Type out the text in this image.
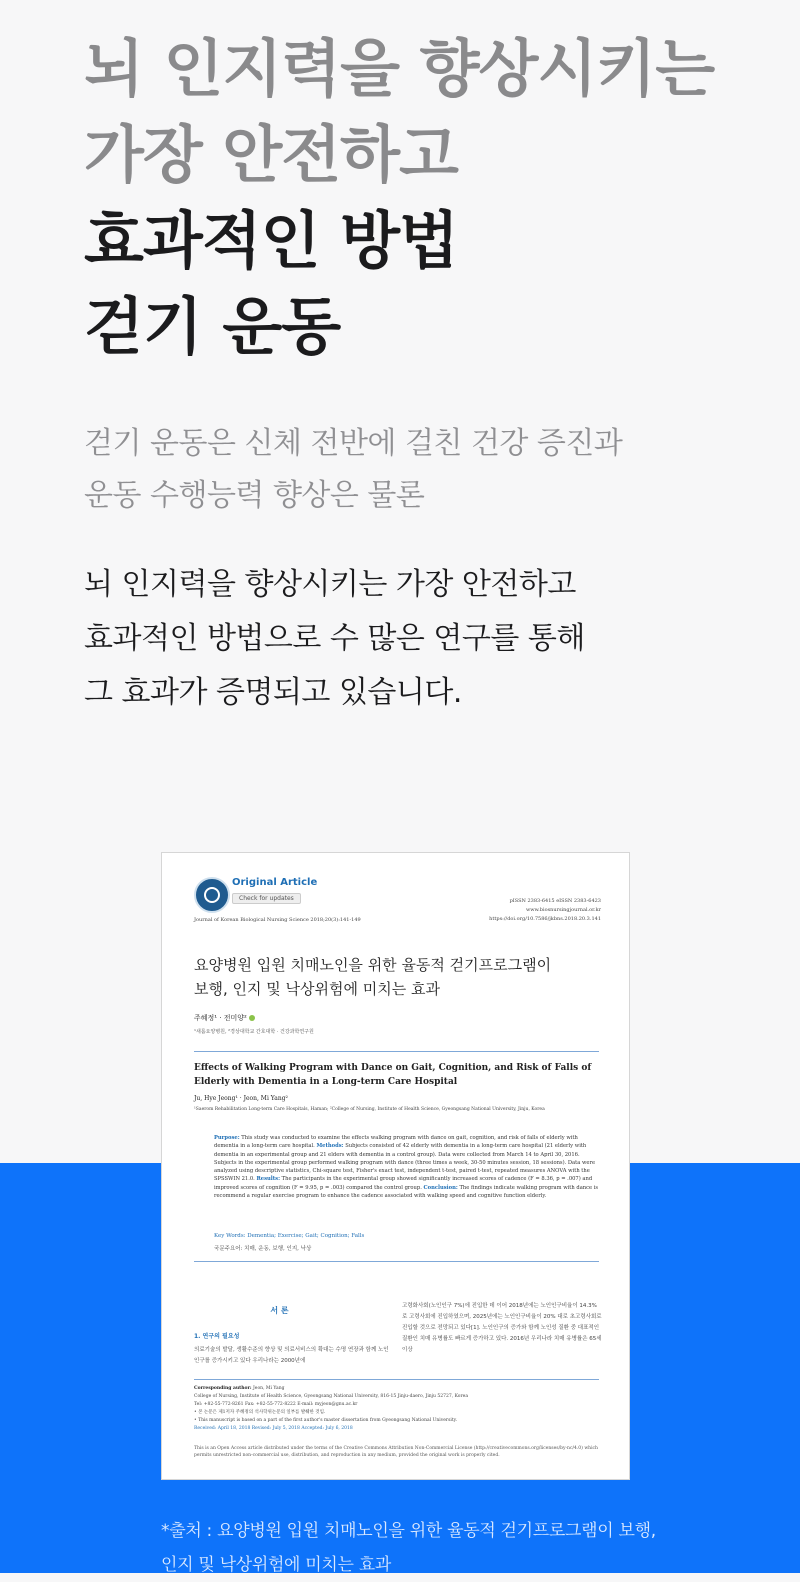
뇌 인지력을 향상시키는
가장 안전하고
효과적인 방법
걷기 운동
걷기 운동은 신체 전반에 걸친 건강 증진과
운동 수행능력 향상은 물론
뇌 인지력을 향상시키는 가장 안전하고
효과적인 방법으로 수 많은 연구를 통해
그 효과가 증명되고 있습니다.
Original Article
Check for updates
Journal of Korean Biological Nursing Science 2018;20(3):141-149
pISSN 2383-6415 eISSN 2383-6423
www.biosnursingjournal.or.kr
https://doi.org/10.7586/jkbns.2018.20.3.141
요양병원 입원 치매노인을 위한 율동적 걷기프로그램이
보행, 인지 및 낙상위험에 미치는 효과
주혜정¹ · 전미양²
¹새롬요양병원, ²경상대학교 간호대학 · 건강과학연구원
Effects of Walking Program with Dance on Gait, Cognition, and Risk of Falls of Elderly with Dementia in a Long-term Care Hospital
Ju, Hye Jeong¹ · Jeon, Mi Yang²
¹Saerom Rehabilitation Long-term Care Hospitals, Haman; ²College of Nursing, Institute of Health Science, Gyeongsang National University, Jinju, Korea
Purpose: This study was conducted to examine the effects walking program with dance on gait, cognition, and risk of falls of elderly with dementia in a long-term care hospital. Methods: Subjects consisted of 42 elderly with dementia in a long-term care hospital (21 elderly with dementia in an experimental group and 21 elders with dementia in a control group). Data were collected from March 14 to April 30, 2016. Subjects in the experimental group performed walking program with dance (three times a week, 30-50 minutes session, 18 sessions). Data were analyzed using descriptive statistics, Chi-square test, Fisher's exact test, independent t-test, paired t-test, repeated measures ANOVA with the SPSSWIN 21.0. Results: The participants in the experimental group showed significantly increased scores of cadence (F = 8.36, p = .007) and improved scores of cognition (F = 9.95, p = .003) compared the control group. Conclusion: The findings indicate walking program with dance is recommend a regular exercise program to enhance the cadence associated with walking speed and cognitive function elderly.
Key Words: Dementia; Exercise; Gait; Cognition; Falls
국문주요어: 치매, 운동, 보행, 인지, 낙상
서 론
1. 연구의 필요성
의료기술의 발달, 생활수준의 향상 및 의료서비스의 확대는 수명 연장과 함께 노인인구를 증가시키고 있다 우리나라는 2000년에
고령화사회(노인인구 7%)에 진입한 데 이어 2018년에는 노인인구비율이 14.3%로 고령사회에 진입하였으며, 2025년에는 노인인구비율이 20% 대로 초고령사회로 진입할 것으로 전망되고 있다[1]. 노인인구의 증가와 함께 노인성 질환 중 대표적인 질환인 치매 유병률도 빠르게 증가하고 있다. 2016년 우리나라 치매 유병률은 65세 이상
Corresponding author: Jeon, Mi Yang
College of Nursing, Institute of Health Science, Gyeongsang National University, 816-15 Jinju-daero, Jinju 52727, Korea
Tel: +82-55-772-8261 Fax: +82-55-772-8222 E-mail: myjeon@gnu.ac.kr
• 본 논문은 제1저자 주혜정의 석사학위논문의 일부를 발췌한 것임.
• This manuscript is based on a part of the first author's master dissertation from Gyeongsang National University.
Received: April 18, 2018 Revised: July 5, 2018 Accepted: July 6, 2018
This is an Open Access article distributed under the terms of the Creative Commons Attribution Non-Commercial License (http://creativecommons.org/licenses/by-nc/4.0) which permits unrestricted non-commercial use, distribution, and reproduction in any medium, provided the original work is properly cited.
*출처 : 요양병원 입원 치매노인을 위한 율동적 걷기프로그램이 보행,
인지 및 낙상위험에 미치는 효과
